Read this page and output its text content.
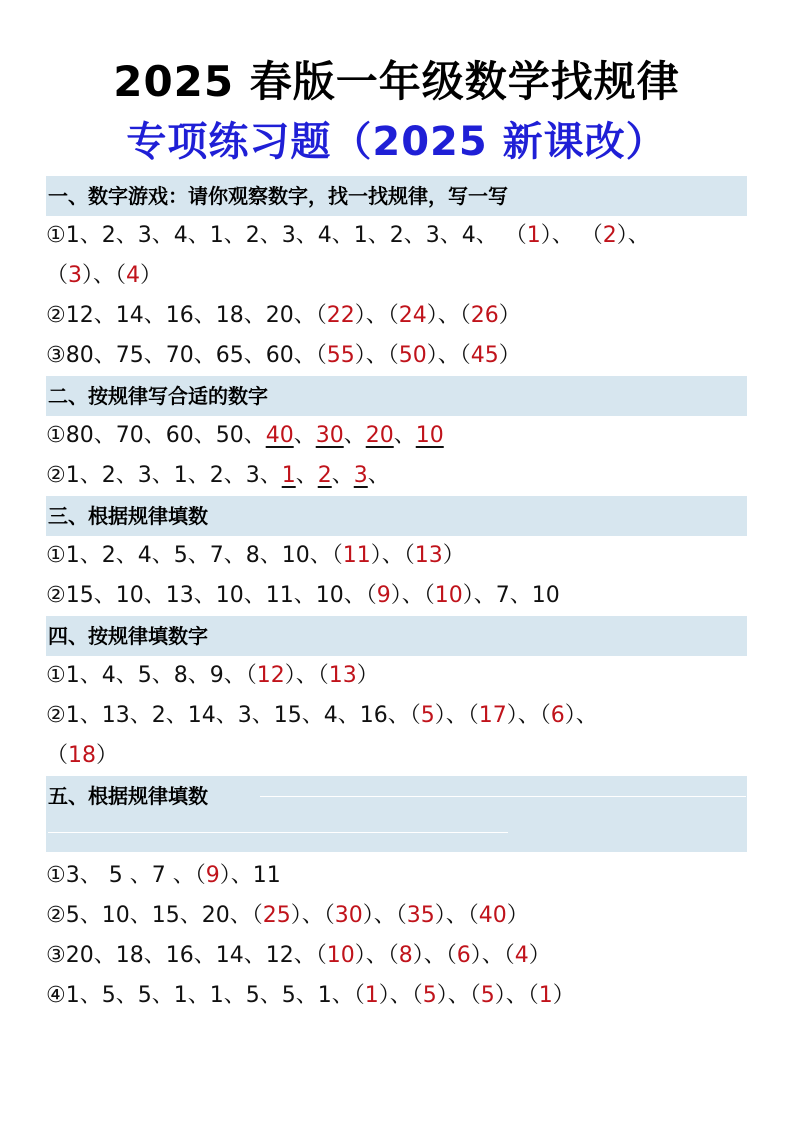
2025 春版一年级数学找规律
专项练习题（2025 新课改）
一、数字游戏：请你观察数字，找一找规律，写一写
①1、2、3、4、1、2、3、4、1、2、3、4、 （1）、 （2）、
（3）、（4）
②12、14、16、18、20、（22）、（24）、（26）
③80、75、70、65、60、（55）、（50）、（45）
二、按规律写合适的数字
①80、70、60、50、40、30、20、10
②1、2、3、1、2、3、1、2、3、
三、根据规律填数
①1、2、4、5、7、8、10、（11）、（13）
②15、10、13、10、11、10、（9）、（10）、7、10
四、按规律填数字
①1、4、5、8、9、（12）、（13）
②1、13、2、14、3、15、4、16、（5）、（17）、（6）、
（18）
五、根据规律填数
①3、 5 、7 、（9）、11
②5、10、15、20、（25）、（30）、（35）、（40）
③20、18、16、14、12、（10）、（8）、（6）、（4）
④1、5、5、1、1、5、5、1、（1）、（5）、（5）、（1）
